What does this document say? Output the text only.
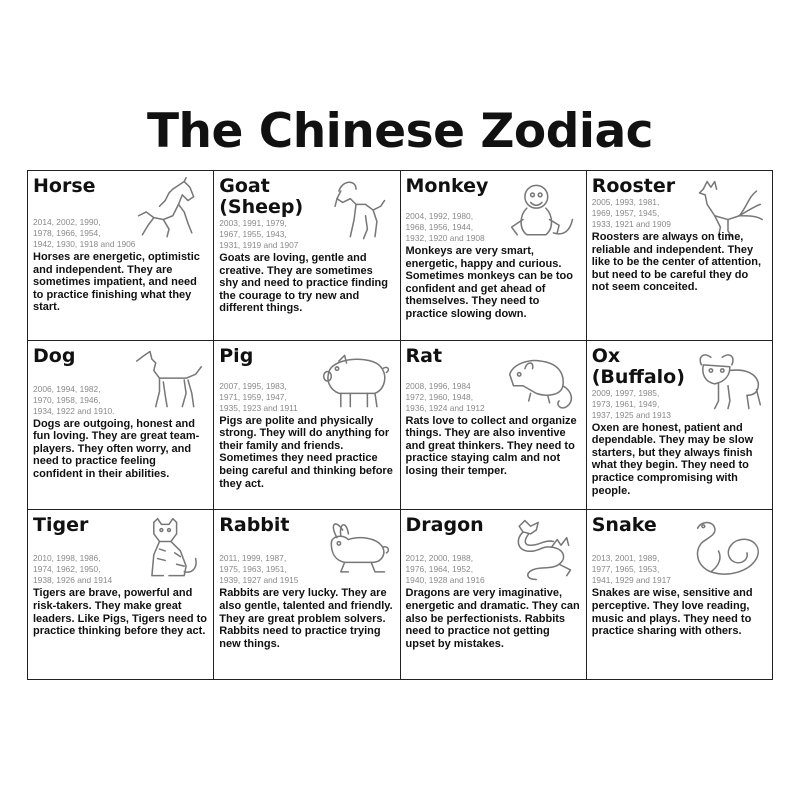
The Chinese Zodiac
Horse
2014, 2002, 1990,
1978, 1966, 1954,
1942, 1930, 1918 and 1906
Horses are energetic, optimistic and independent. They are sometimes impatient, and need to practice finishing what they start.
Goat
(Sheep)
2003, 1991, 1979,
1967, 1955, 1943,
1931, 1919 and 1907
Goats are loving, gentle and creative. They are sometimes shy and need to practice finding the courage to try new and different things.
Monkey
2004, 1992, 1980,
1968, 1956, 1944,
1932, 1920 and 1908
Monkeys are very smart, energetic, happy and curious. Sometimes monkeys can be too confident and get ahead of themselves. They need to practice slowing down.
Rooster
2005, 1993, 1981,
1969, 1957, 1945,
1933, 1921 and 1909
Roosters are always on time, reliable and independent. They like to be the center of attention, but need to be careful they do not seem conceited.
Dog
2006, 1994, 1982,
1970, 1958, 1946,
1934, 1922 and 1910.
Dogs are outgoing, honest and fun loving. They are great team-players. They often worry, and need to practice feeling confident in their abilities.
Pig
2007, 1995, 1983,
1971, 1959, 1947,
1935, 1923 and 1911
Pigs are polite and physically strong. They will do anything for their family and friends. Sometimes they need practice being careful and thinking before they act.
Rat
2008, 1996, 1984
1972, 1960, 1948,
1936, 1924 and 1912
Rats love to collect and organize things. They are also inventive and great thinkers. They need to practice staying calm and not losing their temper.
Ox
(Buffalo)
2009, 1997, 1985,
1973, 1961, 1949,
1937, 1925 and 1913
Oxen are honest, patient and dependable. They may be slow starters, but they always finish what they begin. They need to practice compromising with people.
Tiger
2010, 1998, 1986,
1974, 1962, 1950,
1938, 1926 and 1914
Tigers are brave, powerful and risk-takers. They make great leaders. Like Pigs, Tigers need to practice thinking before they act.
Rabbit
2011, 1999, 1987,
1975, 1963, 1951,
1939, 1927 and 1915
Rabbits are very lucky. They are also gentle, talented and friendly. They are great problem solvers. Rabbits need to practice trying new things.
Dragon
2012, 2000, 1988,
1976, 1964, 1952,
1940, 1928 and 1916
Dragons are very imaginative, energetic and dramatic. They can also be perfectionists. Rabbits need to practice not getting upset by mistakes.
Snake
2013, 2001, 1989,
1977, 1965, 1953,
1941, 1929 and 1917
Snakes are wise, sensitive and perceptive. They love reading, music and plays. They need to practice sharing with others.
